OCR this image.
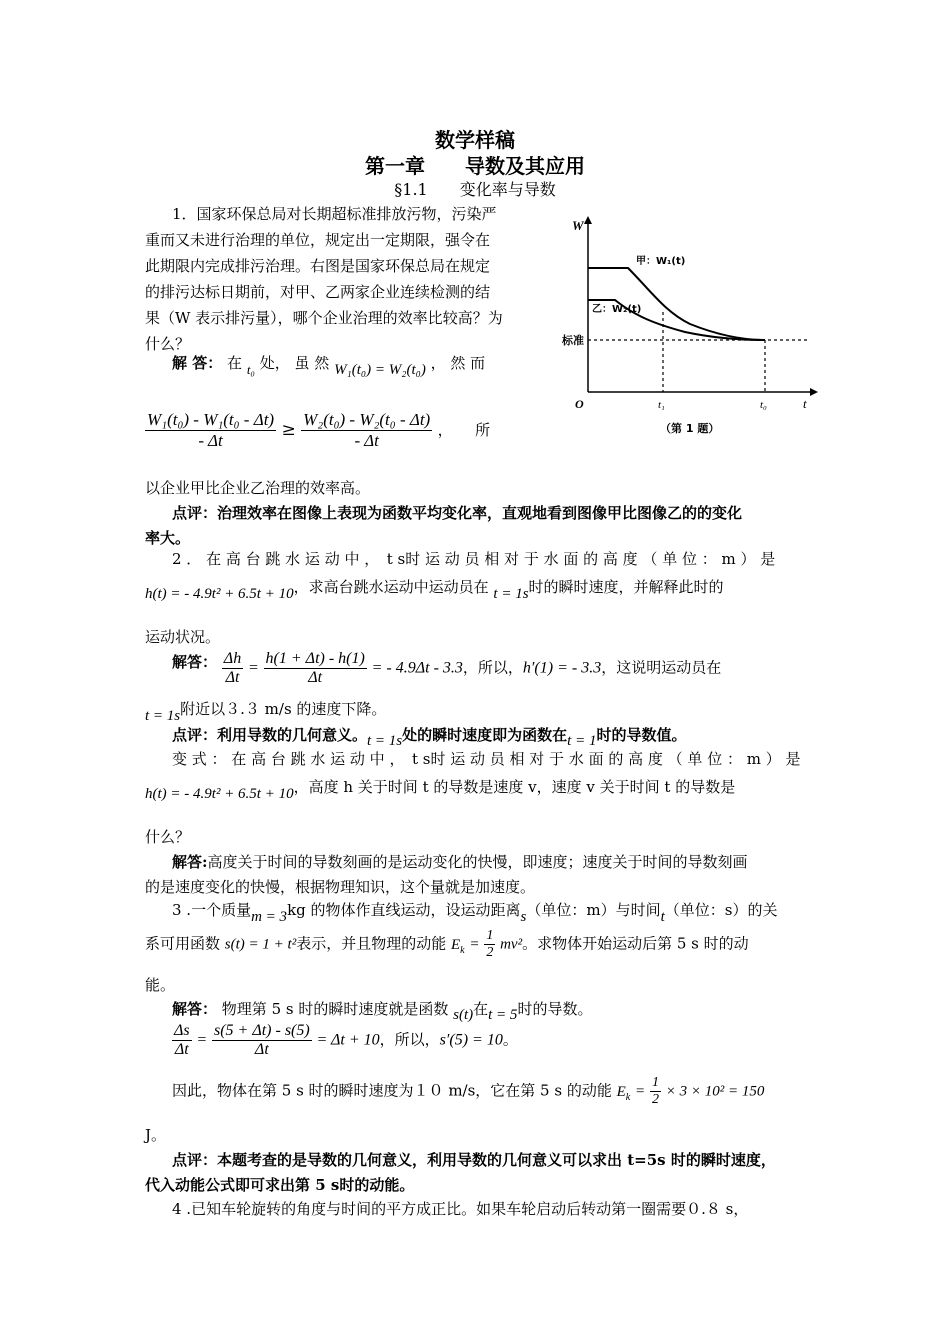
数学样稿
第一章　　导数及其应用
§1.1　　变化率与导数
1．国家环保总局对长期超标准排放污物，污染严
重而又未进行治理的单位，规定出一定期限，强令在
此期限内完成排污治理。右图是国家环保总局在规定
的排污达标日期前，对甲、乙两家企业连续检测的结
果（W 表示排污量），哪个企业治理的效率比较高？为
什么？
解 答： 在 t₀ 处， 虽 然 W₁(t₀) = W₂(t₀) ， 然 而
$\frac{\text{W₁(t₀) - W₁(t₀ - Δt)}}{- \Delta t} \ge \frac{\text{W₂(t₀) - W₂(t₀ - Δt)}}{- \Delta t}$ ，　　所
以企业甲比企业乙治理的效率高。
点评：治理效率在图像上表现为函数平均变化率，直观地看到图像甲比图像乙的的变化
率大。
W
t
O
甲：W₁(t)
乙：W₂(t)
标准
t₁	t₀
（第 1 题）
2 ． 在 高 台 跳 水 运 动 中 ，　t s时 运 动 员 相 对 于 水 面 的 高 度 （ 单 位 ： m ） 是
h(t) = - 4.9t² + 6.5t + 10，求高台跳水运动中运动员在 t = 1s时的瞬时速度，并解释此时的
运动状况。
解答： $\frac{\Delta h}{\Delta t} = \frac{h(1 + \Delta t) - h(1)}{\Delta t}$ = - 4.9Δt - 3.3，所以，h′(1) = - 3.3，这说明运动员在
t = 1s附近以３.３ m/s 的速度下降。
点评：利用导数的几何意义。t = 1s处的瞬时速度即为函数在t = 1时的导数值。
变 式 ： 在 高 台 跳 水 运 动 中 ，　t s时 运 动 员 相 对 于 水 面 的 高 度 （ 单 位 ： m ） 是
h(t) = - 4.9t² + 6.5t + 10，高度 h 关于时间 t 的导数是速度 v，速度 v 关于时间 t 的导数是
什么？
解答:高度关于时间的导数刻画的是运动变化的快慢，即速度；速度关于时间的导数刻画
的是速度变化的快慢，根据物理知识，这个量就是加速度。
3 .一个质量m = 3kg 的物体作直线运动，设运动距离s（单位：m）与时间t（单位：s）的关
系可用函数 s(t) = 1 + t²表示，并且物理的动能 $E_k = \frac{1}{2} mv^2$。求物体开始运动后第 5 s 时的动
能。
解答： 物理第 5 s 时的瞬时速度就是函数 s(t)在t = 5时的导数。
$\frac{\Delta s}{\Delta t} = \frac{s(5 + \Delta t) - s(5)}{\Delta t} = \Delta t + 10$，所以，s′(5) = 10。
因此，物体在第 5 s 时的瞬时速度为１０ m/s，它在第 5 s 的动能 $E_k = \frac{1}{2} \times 3 \times 10^2 = 150$
J。
点评：本题考查的是导数的几何意义，利用导数的几何意义可以求出 t=5s 时的瞬时速度，
代入动能公式即可求出第 5 s时的动能。
4 .已知车轮旋转的角度与时间的平方成正比。如果车轮启动后转动第一圈需要０.８ s，
